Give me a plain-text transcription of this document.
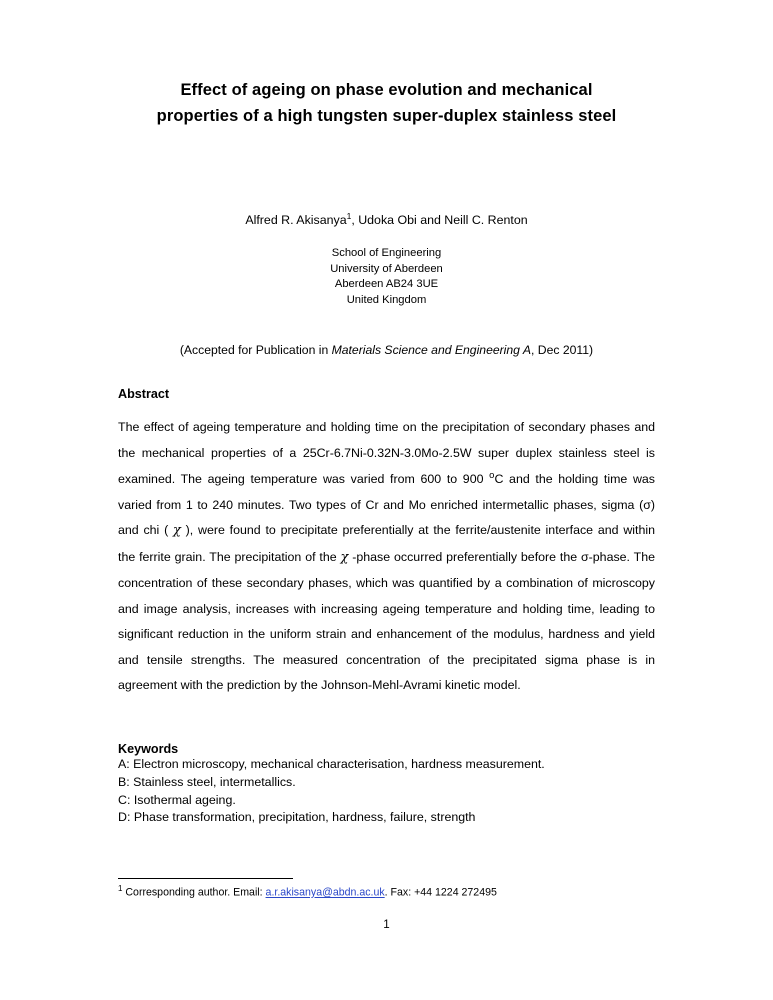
Effect of ageing on phase evolution and mechanical
properties of a high tungsten super-duplex stainless steel
Alfred R. Akisanya$^1$, Udoka Obi and Neill C. Renton
School of Engineering
University of Aberdeen
Aberdeen AB24 3UE
United Kingdom
(Accepted for Publication in Materials Science and Engineering A, Dec 2011)
Abstract
The effect of ageing temperature and holding time on the precipitation of secondary phases and the mechanical properties of a 25Cr-6.7Ni-0.32N-3.0Mo-2.5W super duplex stainless steel is examined. The ageing temperature was varied from 600 to 900 $^o$C and the holding time was varied from 1 to 240 minutes. Two types of Cr and Mo enriched intermetallic phases, sigma (σ) and chi ( χ ), were found to precipitate preferentially at the ferrite/austenite interface and within the ferrite grain. The precipitation of the χ -phase occurred preferentially before the σ-phase. The concentration of these secondary phases, which was quantified by a combination of microscopy and image analysis, increases with increasing ageing temperature and holding time, leading to significant reduction in the uniform strain and enhancement of the modulus, hardness and yield and tensile strengths. The measured concentration of the precipitated sigma phase is in agreement with the prediction by the Johnson-Mehl-Avrami kinetic model.
Keywords
A: Electron microscopy, mechanical characterisation, hardness measurement.
B: Stainless steel, intermetallics.
C: Isothermal ageing.
D: Phase transformation, precipitation, hardness, failure, strength
$^1$ Corresponding author. Email: a.r.akisanya@abdn.ac.uk. Fax: +44 1224 272495
1
